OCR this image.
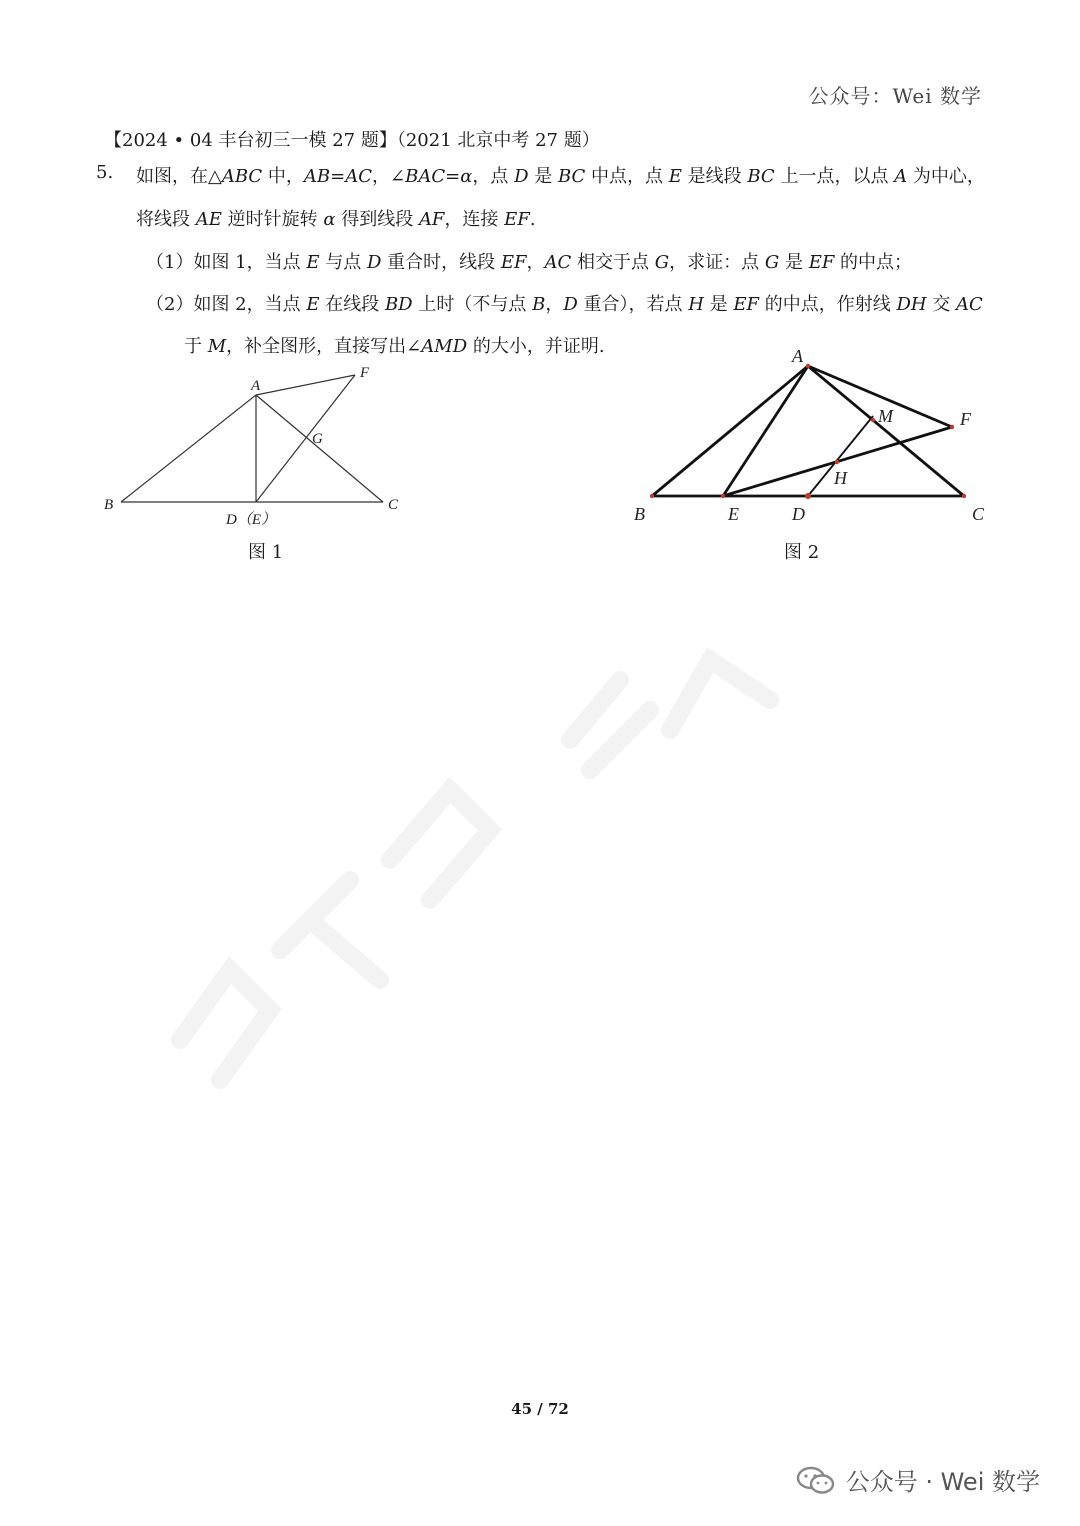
公众号：Wei 数学
【2024 • 04 丰台初三一模 27 题】（2021 北京中考 27 题）
5. 如图，在△ABC 中，AB=AC，∠BAC=α，点 D 是 BC 中点，点 E 是线段 BC 上一点，以点 A 为中心，
将线段 AE 逆时针旋转 α 得到线段 AF，连接 EF.
（1）如图 1，当点 E 与点 D 重合时，线段 EF，AC 相交于点 G，求证：点 G 是 EF 的中点；
（2）如图 2，当点 E 在线段 BD 上时（不与点 B，D 重合），若点 H 是 EF 的中点，作射线 DH 交 AC
于 M，补全图形，直接写出∠AMD 的大小，并证明.
A
F
G
B	C
D（E）
图 1
A
M	F
H
B	E	D	C
图 2
45 / 72
公众号 · Wei 数学
